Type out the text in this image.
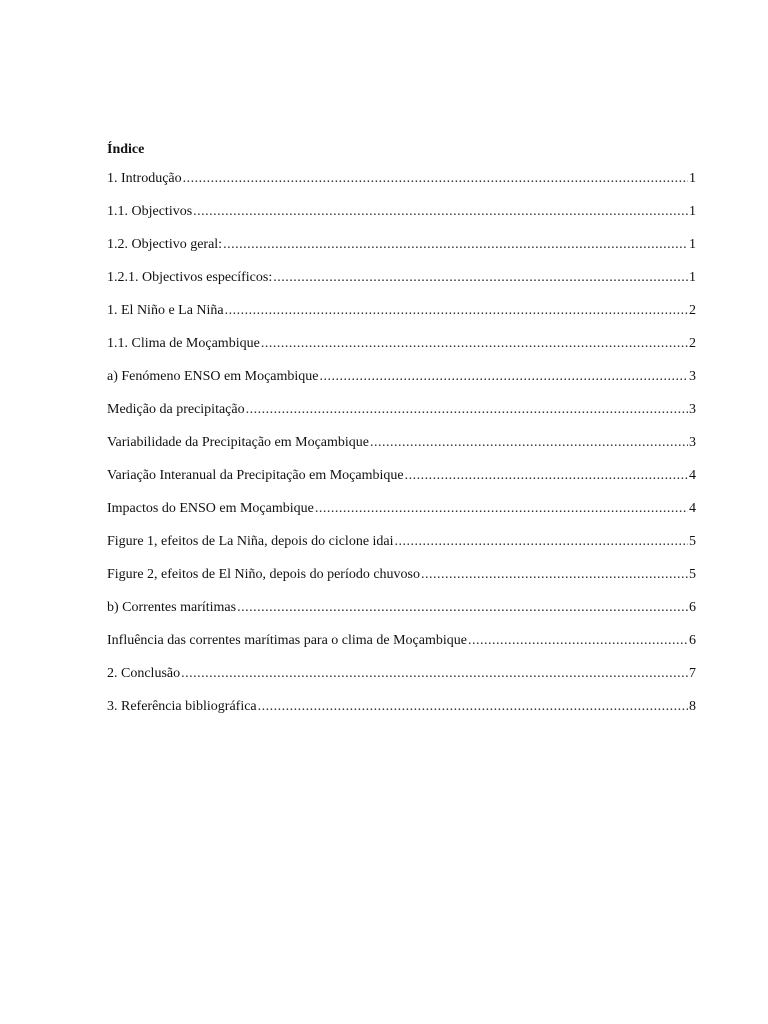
Índice
1. Introdução .....	1
1.1. Objectivos .....	1
1.2. Objectivo geral: .....	1
1.2.1. Objectivos específicos: .....	1
1. El Niño e La Niña .....	2
1.1. Clima de Moçambique .....	2
a) Fenómeno ENSO em Moçambique .....	3
Medição da precipitação .....	3
Variabilidade da Precipitação em Moçambique .....	3
Variação Interanual da Precipitação em Moçambique .....	4
Impactos do ENSO em Moçambique .....	4
Figure 1, efeitos de La Niña, depois do ciclone idai .....	5
Figure 2, efeitos de El Niño, depois do período chuvoso .....	5
b) Correntes marítimas .....	6
Influência das correntes marítimas para o clima de Moçambique .....	6
2. Conclusão .....	7
3. Referência bibliográfica .....	8
